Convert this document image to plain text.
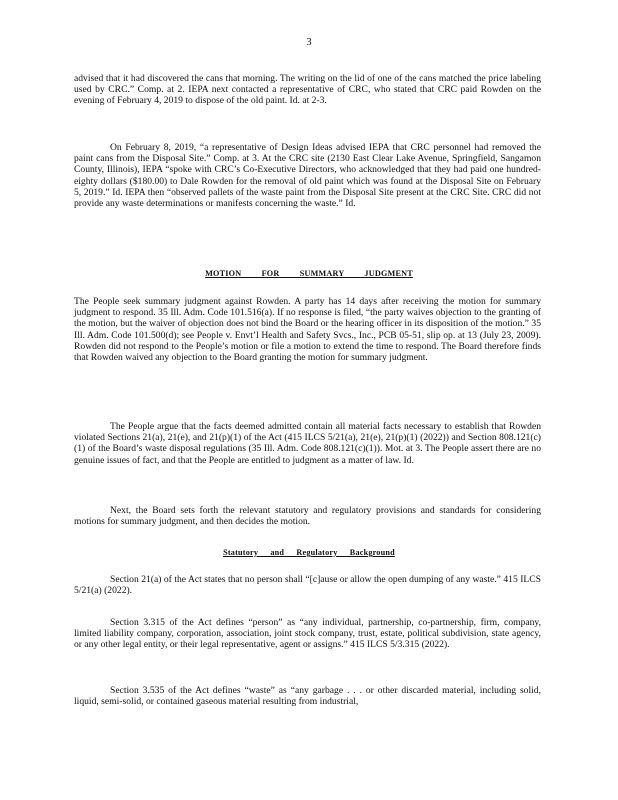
3

advised that it had discovered the cans that morning. The writing on the lid of one of the cans matched the price labeling used by CRC.” Comp. at 2. IEPA next contacted a representative of CRC, who stated that CRC paid Rowden on the evening of February 4, 2019 to dispose of the old paint. Id. at 2-3.

On February 8, 2019, “a representative of Design Ideas advised IEPA that CRC personnel had removed the paint cans from the Disposal Site.” Comp. at 3. At the CRC site (2130 East Clear Lake Avenue, Springfield, Sangamon County, Illinois), IEPA “spoke with CRC’s Co-Executive Directors, who acknowledged that they had paid one hundred-eighty dollars ($180.00) to Dale Rowden for the removal of old paint which was found at the Disposal Site on February 5, 2019.” Id. IEPA then “observed pallets of the waste paint from the Disposal Site present at the CRC Site. CRC did not provide any waste determinations or manifests concerning the waste.” Id.

MOTION FOR SUMMARY JUDGMENT

The People seek summary judgment against Rowden. A party has 14 days after receiving the motion for summary judgment to respond. 35 Ill. Adm. Code 101.516(a). If no response is filed, “the party waives objection to the granting of the motion, but the waiver of objection does not bind the Board or the hearing officer in its disposition of the motion.” 35 Ill. Adm. Code 101.500(d); see People v. Envt’l Health and Safety Svcs., Inc., PCB 05-51, slip op. at 13 (July 23, 2009). Rowden did not respond to the People’s motion or file a motion to extend the time to respond. The Board therefore finds that Rowden waived any objection to the Board granting the motion for summary judgment.

The People argue that the facts deemed admitted contain all material facts necessary to establish that Rowden violated Sections 21(a), 21(e), and 21(p)(1) of the Act (415 ILCS 5/21(a), 21(e), 21(p)(1) (2022)) and Section 808.121(c)(1) of the Board’s waste disposal regulations (35 Ill. Adm. Code 808.121(c)(1)). Mot. at 3. The People assert there are no genuine issues of fact, and that the People are entitled to judgment as a matter of law. Id.

Next, the Board sets forth the relevant statutory and regulatory provisions and standards for considering motions for summary judgment, and then decides the motion.

Statutory and Regulatory Background

Section 21(a) of the Act states that no person shall “[c]ause or allow the open dumping of any waste.” 415 ILCS 5/21(a) (2022).

Section 3.315 of the Act defines “person” as “any individual, partnership, co-partnership, firm, company, limited liability company, corporation, association, joint stock company, trust, estate, political subdivision, state agency, or any other legal entity, or their legal representative, agent or assigns.” 415 ILCS 5/3.315 (2022).

Section 3.535 of the Act defines “waste” as “any garbage . . . or other discarded material, including solid, liquid, semi-solid, or contained gaseous material resulting from industrial,
